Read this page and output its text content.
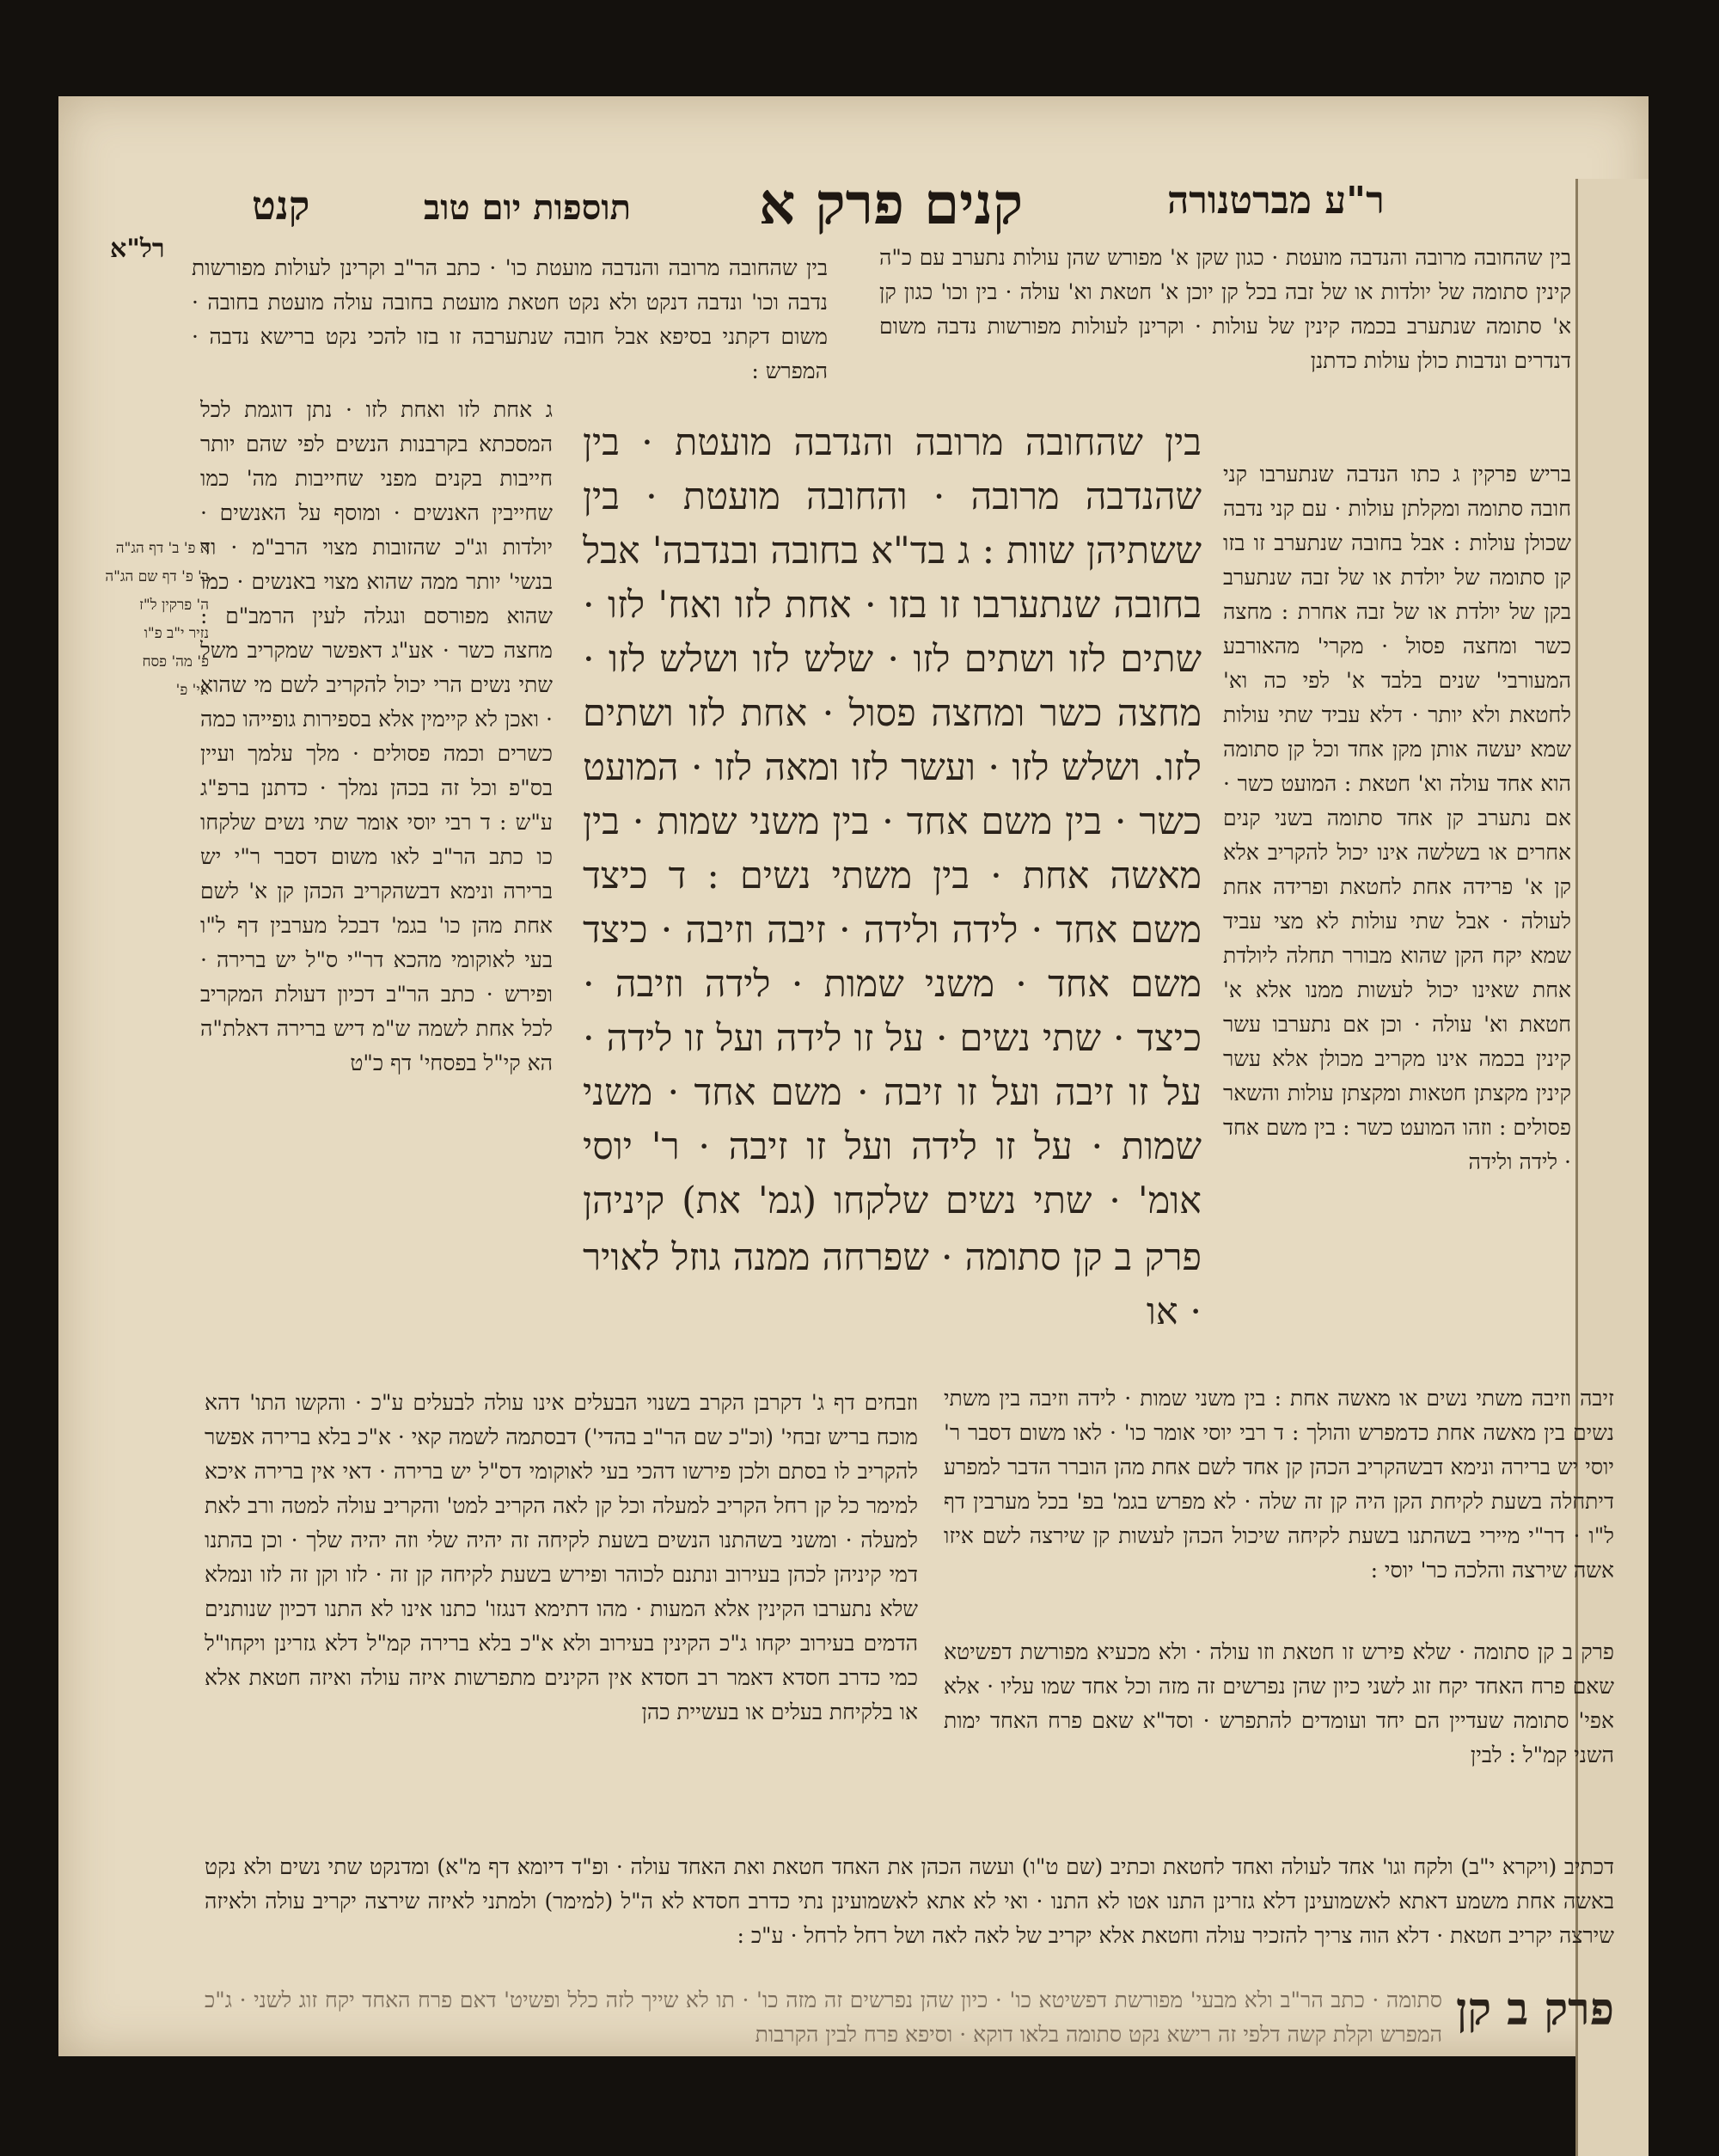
קנט	תוספות יום טוב קנים פרק א	ר"ע מברטנורה
רל"א

בין שהחובה מרובה והנדבה מועטת כו' · כתב הר"ב וקרינן לעולות מפורשות נדבה וכו' ונדבה דנקט ולא נקט חטאת מועטת בחובה עולה מועטת בחובה · משום דקתני בסיפא אבל חובה שנתערבה זו בזו להכי נקט ברישא נדבה · המפרש :

בין שהחובה מרובה והנדבה מועטת · כגון שקן א' מפורש שהן עולות נתערב עם כ"ה קינין סתומה של יולדות או של זבה בכל קן יוכן א' חטאת וא' עולה · בין וכו' כגון קן א' סתומה שנתערב בכמה קינין של עולות · וקרינן לעולות מפורשות נדבה משום דנדרים ונדבות כולן עולות כדתנן

ג אחת לזו ואחת לזו · נתן דוגמת לכל המסכתא בקרבנות הנשים לפי שהם יותר חייבות בקנים מפני שחייבות מה' כמו שחייבין האנשים · ומוסף על האנשים · יולדות וג"כ שהזובות מצוי הרב"מ · וד בנשי' יותר ממה שהוא מצוי באנשים · כמו שהוא מפורסם ונגלה לעין הרמב"ם : מחצה כשר · אע"ג דאפשר שמקריב משל שתי נשים הרי יכול להקריב לשם מי שהוא · ואכן לא קיימין אלא בספירות גופייהו כמה כשרים וכמה פסולים · מלך עלמך ועיין בס"פ וכל זה בכהן נמלך · כדתנן ברפ"ג ע"ש : ד רבי יוסי אומר שתי נשים שלקחו כו כתב הר"ב לאו משום דסבר ר"י יש ברירה ונימא דבשהקריב הכהן קן א' לשם אחת מהן כו' בגמ' דבכל מערבין דף ל"ו בעי לאוקומי מהכא דר"י ס"ל יש ברירה · ופירש · כתב הר"ב דכיון דעולת המקריב לכל אחת לשמה ש"מ דיש ברירה דאלת"ה הא קי"ל בפסחי' דף כ"ט

בין שהחובה מרובה והנדבה מועטת · בין שהנדבה מרובה · והחובה מועטת · בין ששתיהן שוות : ג בד"א בחובה ובנדבה' אבל בחובה שנתערבו זו בזו · אחת לזו ואח' לזו · שתים לזו ושתים לזו · שלש לזו ושלש לזו · מחצה כשר ומחצה פסול · אחת לזו ושתים לזו. ושלש לזו · ועשר לזו ומאה לזו · המועט כשר · בין משם אחד · בין משני שמות · בין מאשה אחת · בין משתי נשים : ד כיצד משם אחד · לידה ולידה · זיבה וזיבה · כיצד משם אחד · משני שמות · לידה וזיבה · כיצד · שתי נשים · על זו לידה ועל זו לידה · על זו זיבה ועל זו זיבה · משם אחד · משני שמות · על זו לידה ועל זו זיבה · ר' יוסי אומ' · שתי נשים שלקחו (גמ' את) קיניהן

פרק ב קן סתומה · שפרחה ממנה גוזל לאויר · או

בריש פרקין ג כתו הנדבה שנתערבו קני חובה סתומה ומקלתן עולות · עם קני נדבה שכולן עולות : אבל בחובה שנתערב זו בזו קן סתומה של יולדת או של זבה שנתערב בקן של יולדת או של זבה אחרת : מחצה כשר ומחצה פסול · מקרי' מהאורבע המעורבי' שנים בלבד א' לפי כה וא' לחטאת ולא יותר · דלא עביד שתי עולות שמא יעשה אותן מקן אחד וכל קן סתומה הוא אחד עולה וא' חטאת : המועט כשר · אם נתערב קן אחד סתומה בשני קנים אחרים או בשלשה אינו יכול להקריב אלא קן א' פרידה אחת לחטאת ופרידה אחת לעולה · אבל שתי עולות לא מצי עביד שמא יקח הקן שהוא מבורר תחלה ליולדת אחת שאינו יכול לעשות ממנו אלא א' חטאת וא' עולה · וכן אם נתערבו עשר קינין בכמה אינו מקריב מכולן אלא עשר קינין מקצתן חטאות ומקצתן עולות והשאר פסולים : וזהו המועט כשר : בין משם אחד · לידה ולידה

א פ' ב' דף הג"ה
ב' פ' דף שם הג"ה
ה' פרקין ל"ז
נזיר י"ב פ"ו
פ' מה' פסח
אי' פ'

וזבחים דף ג' דקרבן הקרב בשנוי הבעלים אינו עולה לבעלים ע"כ · והקשו התו' דהא מוכח בריש זבחי' (וכ"כ שם הר"ב בהדי') דבסתמה לשמה קאי · א"כ בלא ברירה אפשר להקריב לו בסתם ולכן פירשו דהכי בעי לאוקומי דס"ל יש ברירה · דאי אין ברירה איכא למימר כל קן רחל הקריב למעלה וכל קן לאה הקריב למט' והקריב עולה למטה ורב לאת למעלה · ומשני בשהתנו הנשים בשעת לקיחה זה יהיה שלי וזה יהיה שלך · וכן בהתנו דמי קיניהן לכהן בעירוב ונתנם לכוהר ופירש בשעת לקיחה קן זה · לזו וקן זה לזו ונמלא שלא נתערבו הקינין אלא המעות · מהו דתימא דנגזו' כתנו אינו לא התנו דכיון שנותנים הדמים בעירוב יקחו ג"כ הקינין בעירוב ולא א"כ בלא ברירה קמ"ל דלא גזרינן ויקחו"ל כמי כדרב חסדא דאמר רב חסדא אין הקינים מתפרשות איזה עולה ואיזה חטאת אלא או בלקיחת בעלים או בעשיית כהן

זיבה וזיבה משתי נשים או מאשה אחת : בין משני שמות · לידה וזיבה בין משתי נשים בין מאשה אחת כדמפרש והולך : ד רבי יוסי אומר כו' · לאו משום דסבר ר' יוסי יש ברירה ונימא דבשהקריב הכהן קן אחד לשם אחת מהן הוברר הדבר למפרע דיתחלה בשעת לקיחת הקן היה קן זה שלה · לא מפרש בגמ' בפ' בכל מערבין דף ל"ו · דר"י מיירי בשהתנו בשעת לקיחה שיכול הכהן לעשות קן שירצה לשם איזו אשה שירצה והלכה כר' יוסי :

פרק ב קן סתומה · שלא פירש זו חטאת וזו עולה · ולא מכעיא מפורשת דפשיטא שאם פרח האחד יקח זוג לשני כיון שהן נפרשים זה מזה וכל אחד שמו עליו · אלא אפי' סתומה שעדיין הם יחד ועומדים להתפרש · וסד"א שאם פרח האחד ימות השני קמ"ל : לבין

דכתיב (ויקרא י"ב) ולקח וגו' אחד לעולה ואחד לחטאת וכתיב (שם ט"ו) ועשה הכהן את האחד חטאת ואת האחד עולה · ופ"ד דיומא דף מ"א) ומדנקט שתי נשים ולא נקט באשה אחת משמע דאתא לאשמועינן דלא גזרינן התנו אטו לא התנו · ואי לא אתא לאשמועינן נתי כדרב חסדא לא ה"ל (למימר) ולמתני לאיזה שירצה יקריב עולה ולאיזה שירצה יקריב חטאת · דלא הוה צריך להזכיר עולה וחטאת אלא יקריב של לאה לאה ושל רחל לרחל · ע"כ :

פרק ב קן

סתומה · כתב הר"ב ולא מבעי' מפורשת דפשיטא כו' · כיון שהן נפרשים זה מזה כו' · תו לא שייך לזה כלל ופשיט' דאם פרח האחד יקח זוג לשני · ג"כ המפרש וקלת קשה דלפי זה רישא נקט סתומה בלאו דוקא · וסיפא פרח לבין הקרבות
